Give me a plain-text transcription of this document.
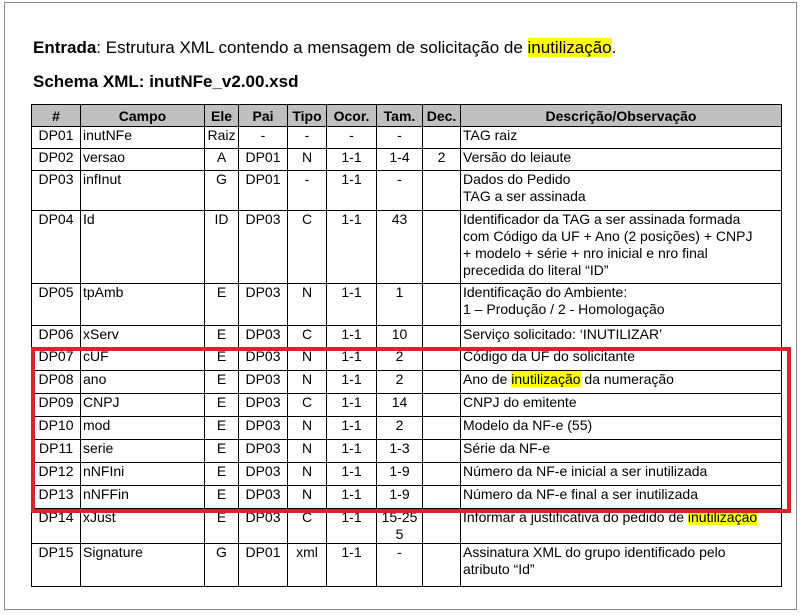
Entrada: Estrutura XML contendo a mensagem de solicitação de inutilização.
Schema XML: inutNFe_v2.00.xsd
#	Campo	Ele	Pai	Tipo	Ocor.	Tam.	Dec.	Descrição/Observação
DP01	inutNFe	Raiz	-	-	-	-		TAG raiz

DP02	versao	A	DP01	N	1-1	1-4	2	Versão do leiaute

DP03	infInut	G	DP01	-	1-1	-		Dados do Pedido
TAG a ser assinada

DP04	Id	ID	DP03	C	1-1	43		Identificador da TAG a ser assinada formada
com Código da UF + Ano (2 posições) + CNPJ
+ modelo + série + nro inicial e nro final
precedida do literal “ID”

DP05	tpAmb	E	DP03	N	1-1	1		Identificação do Ambiente:
1 – Produção / 2 - Homologação

DP06	xServ	E	DP03	C	1-1	10		Serviço solicitado: ‘INUTILIZAR’

DP07	cUF	E	DP03	N	1-1	2		Código da UF do solicitante

DP08	ano	E	DP03	N	1-1	2		Ano de inutilização da numeração
DP09	CNPJ	E	DP03	C	1-1	14		CNPJ do emitente

DP10	mod	E	DP03	N	1-1	2		Modelo da NF-e (55)

DP11	serie	E	DP03	N	1-1	1-3		Série da NF-e

DP12	nNFIni	E	DP03	N	1-1	1-9		Número da NF-e inicial a ser inutilizada

DP13	nNFFin	E	DP03	N	1-1	1-9		Número da NF-e final a ser inutilizada

DP14	xJust	E	DP03	C	1-1	15-255		Informar a justificativa do pedido de inutilização
DP15	Signature	G	DP01	xml	1-1	-		Assinatura XML do grupo identificado pelo
atributo “Id”
